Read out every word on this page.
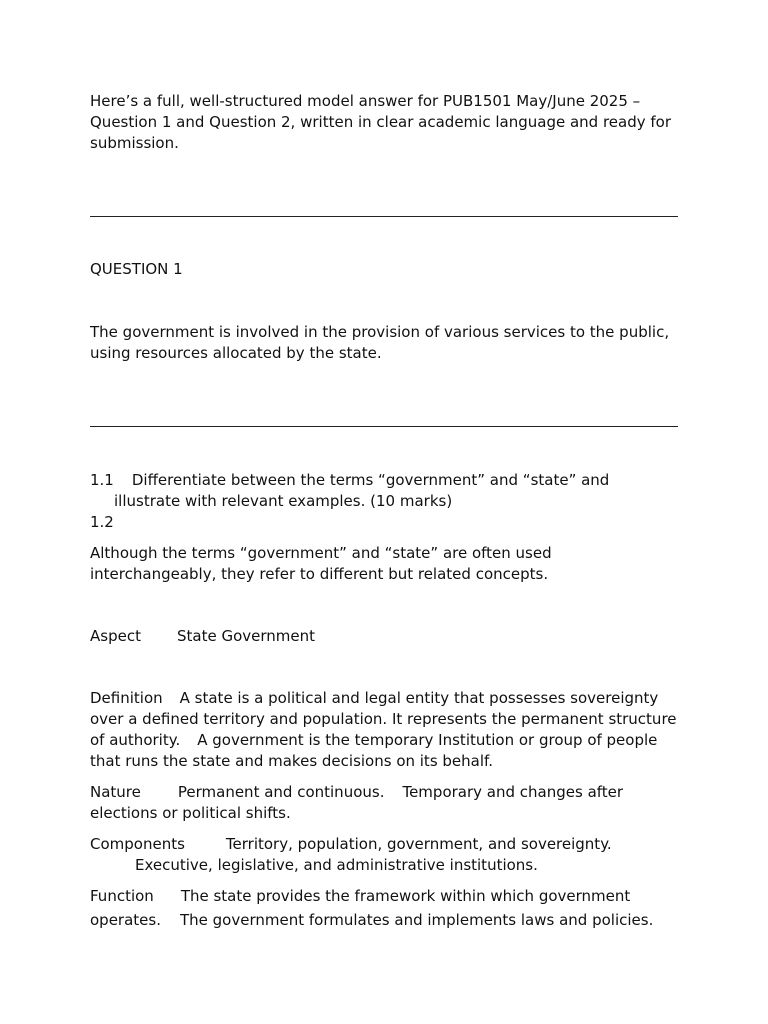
Here’s a full, well-structured model answer for PUB1501 May/June 2025 – Question 1 and Question 2, written in clear academic language and ready for submission.

QUESTION 1

The government is involved in the provision of various services to the public, using resources allocated by the state.

1.1 Differentiate between the terms “government” and “state” and
illustrate with relevant examples. (10 marks)
1.2

Although the terms “government” and “state” are often used interchangeably, they refer to different but related concepts.

Aspect State Government
Definition A state is a political and legal entity that possesses sovereignty
over a defined territory and population. It represents the permanent structure of authority. A government is the temporary Institution or group of people that runs the state and makes decisions on its behalf.
Nature Permanent and continuous. Temporary and changes after
elections or political shifts.
Components	Territory, population, government, and sovereignty.
Executive, legislative, and administrative institutions.
Function The state provides the framework within which government
operates. The government formulates and implements laws and policies.
